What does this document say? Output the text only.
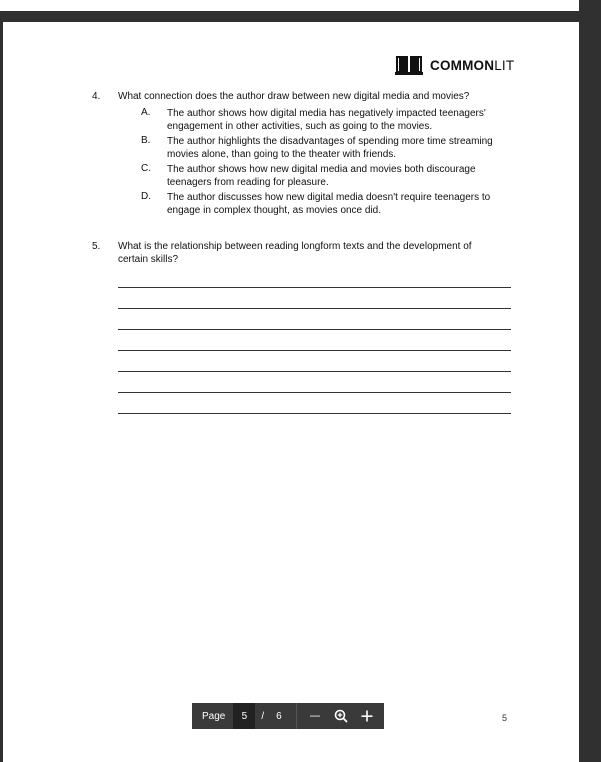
COMMONLIT
4. What connection does the author draw between new digital media and movies?
A. The author shows how digital media has negatively impacted teenagers' engagement in other activities, such as going to the movies.
B. The author highlights the disadvantages of spending more time streaming movies alone, than going to the theater with friends.
C. The author shows how new digital media and movies both discourage teenagers from reading for pleasure.
D. The author discusses how new digital media doesn't require teenagers to engage in complex thought, as movies once did.
5. What is the relationship between reading longform texts and the development of certain skills?
Page	5	/ 6	5
